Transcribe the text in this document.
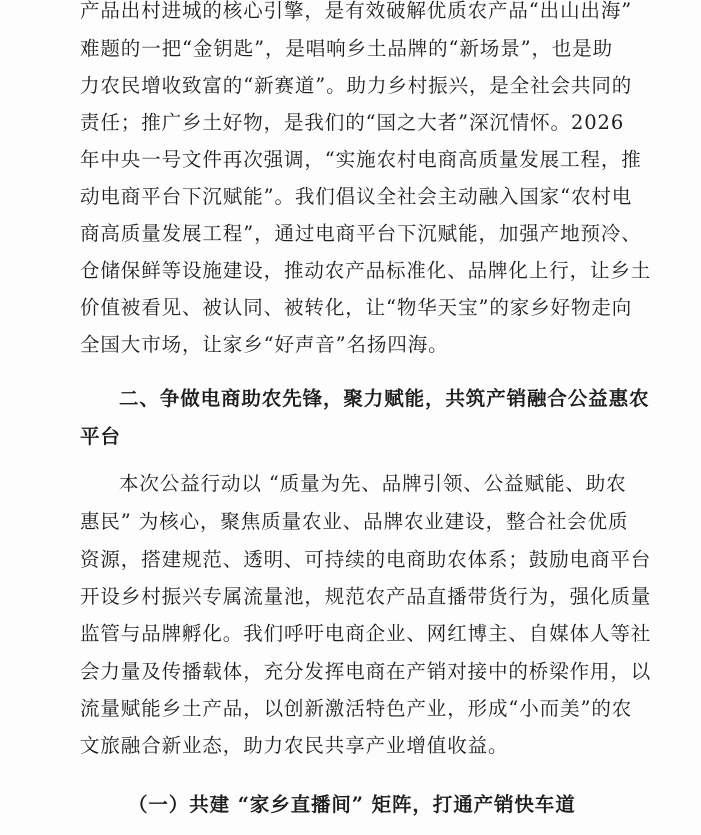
产品出村进城的核心引擎，是有效破解优质农产品“出山出海”

难题的一把“金钥匙”，是唱响乡土品牌的“新场景”，也是助

力农民增收致富的“新赛道”。助力乡村振兴，是全社会共同的

责任；推广乡土好物，是我们的“国之大者”深沉情怀。2026

年中央一号文件再次强调，“实施农村电商高质量发展工程，推

动电商平台下沉赋能”。我们倡议全社会主动融入国家“农村电

商高质量发展工程”，通过电商平台下沉赋能，加强产地预冷、

仓储保鲜等设施建设，推动农产品标准化、品牌化上行，让乡土

价值被看见、被认同、被转化，让“物华天宝”的家乡好物走向

全国大市场，让家乡“好声音”名扬四海。

二、争做电商助农先锋，聚力赋能，共筑产销融合公益惠农
平台

本次公益行动以 “质量为先、品牌引领、公益赋能、助农

惠民” 为核心，聚焦质量农业、品牌农业建设，整合社会优质

资源，搭建规范、透明、可持续的电商助农体系；鼓励电商平台

开设乡村振兴专属流量池，规范农产品直播带货行为，强化质量

监管与品牌孵化。我们呼吁电商企业、网红博主、自媒体人等社

会力量及传播载体，充分发挥电商在产销对接中的桥梁作用，以

流量赋能乡土产品，以创新激活特色产业，形成“小而美”的农

文旅融合新业态，助力农民共享产业增值收益。

（一）共建 “家乡直播间” 矩阵，打通产销快车道
